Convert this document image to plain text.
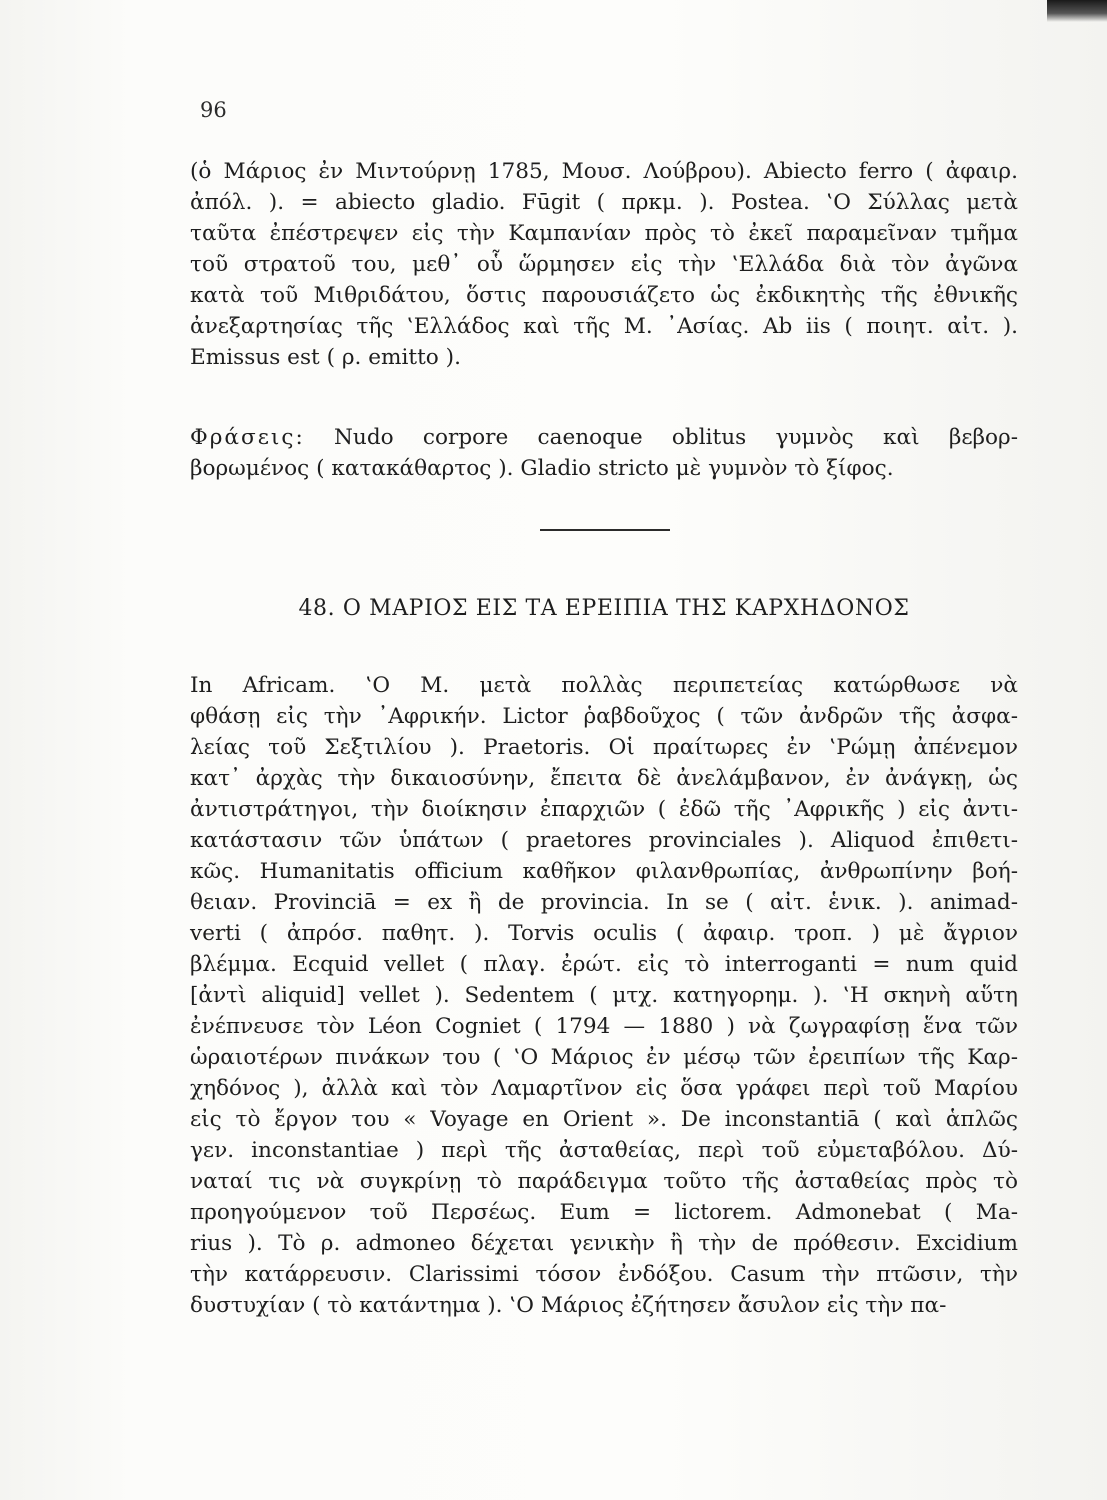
96
(ὁ Μάριος ἐν Μιντούρνῃ 1785, Μουσ. Λούβρου). Abiecto ferro ( ἀφαιρ.
ἀπόλ. ). = abiecto gladio. Fūgit ( πρκμ. ). Postea. ‛Ο Σύλλας μετὰ
ταῦτα ἐπέστρεψεν εἰς τὴν Καμπανίαν πρὸς τὸ ἐκεῖ παραμεῖναν τμῆμα
τοῦ στρατοῦ του, μεθ᾽ οὗ ὥρμησεν εἰς τὴν ‛Ελλάδα διὰ τὸν ἀγῶνα
κατὰ τοῦ Μιθριδάτου, ὅστις παρουσιάζετο ὡς ἐκδικητὴς τῆς ἐθνικῆς
ἀνεξαρτησίας τῆς ‛Ελλάδος καὶ τῆς Μ. ᾿Ασίας. Ab iis ( ποιητ. αἰτ. ).
Emissus est ( ρ. emitto ).
Φράσεις: Nudo corpore caenoque oblitus γυμνὸς καὶ βεβορ-
βορωμένος ( κατακάθαρτος ). Gladio stricto μὲ γυμνὸν τὸ ξίφος.
48. Ο ΜΑΡΙΟΣ ΕΙΣ ΤΑ ΕΡΕΙΠΙΑ ΤΗΣ ΚΑΡΧΗΔΟΝΟΣ
In Africam. ‛Ο Μ. μετὰ πολλὰς περιπετείας κατώρθωσε νὰ
φθάσῃ εἰς τὴν ᾿Αφρικήν. Lictor ῥαβδοῦχος ( τῶν ἀνδρῶν τῆς ἀσφα-
λείας τοῦ Σεξτιλίου ). Praetoris. Οἱ πραίτωρες ἐν ‛Ρώμῃ ἀπένεμον
κατ᾽ ἀρχὰς τὴν δικαιοσύνην, ἔπειτα δὲ ἀνελάμβανον, ἐν ἀνάγκῃ, ὡς
ἀντιστράτηγοι, τὴν διοίκησιν ἐπαρχιῶν ( ἐδῶ τῆς ᾿Αφρικῆς ) εἰς ἀντι-
κατάστασιν τῶν ὑπάτων ( praetores provinciales ). Aliquod ἐπιθετι-
κῶς. Humanitatis officium καθῆκον φιλανθρωπίας, ἀνθρωπίνην βοή-
θειαν. Provinciā = ex ἢ de provincia. In se ( αἰτ. ἑνικ. ). animad-
verti ( ἀπρόσ. παθητ. ). Torvis oculis ( ἀφαιρ. τροπ. ) μὲ ἄγριον
βλέμμα. Ecquid vellet ( πλαγ. ἐρώτ. εἰς τὸ interroganti = num quid
[ἀντὶ aliquid] vellet ). Sedentem ( μτχ. κατηγορημ. ). ‛Η σκηνὴ αὕτη
ἐνέπνευσε τὸν Léon Cogniet ( 1794 — 1880 ) νὰ ζωγραφίσῃ ἕνα τῶν
ὡραιοτέρων πινάκων του ( ‛Ο Μάριος ἐν μέσῳ τῶν ἐρειπίων τῆς Καρ-
χηδόνος ), ἀλλὰ καὶ τὸν Λαμαρτῖνον εἰς ὅσα γράφει περὶ τοῦ Μαρίου
εἰς τὸ ἔργον του « Voyage en Orient ». De inconstantiā ( καὶ ἁπλῶς
γεν. inconstantiae ) περὶ τῆς ἀσταθείας, περὶ τοῦ εὐμεταβόλου. Δύ-
ναταί τις νὰ συγκρίνῃ τὸ παράδειγμα τοῦτο τῆς ἀσταθείας πρὸς τὸ
προηγούμενον τοῦ Περσέως. Eum = lictorem. Admonebat ( Ma-
rius ). Τὸ ρ. admoneo δέχεται γενικὴν ἢ τὴν de πρόθεσιν. Excidium
τὴν κατάρρευσιν. Clarissimi τόσον ἐνδόξου. Casum τὴν πτῶσιν, τὴν
δυστυχίαν ( τὸ κατάντημα ). ‛Ο Μάριος ἐζήτησεν ἄσυλον εἰς τὴν πα-
